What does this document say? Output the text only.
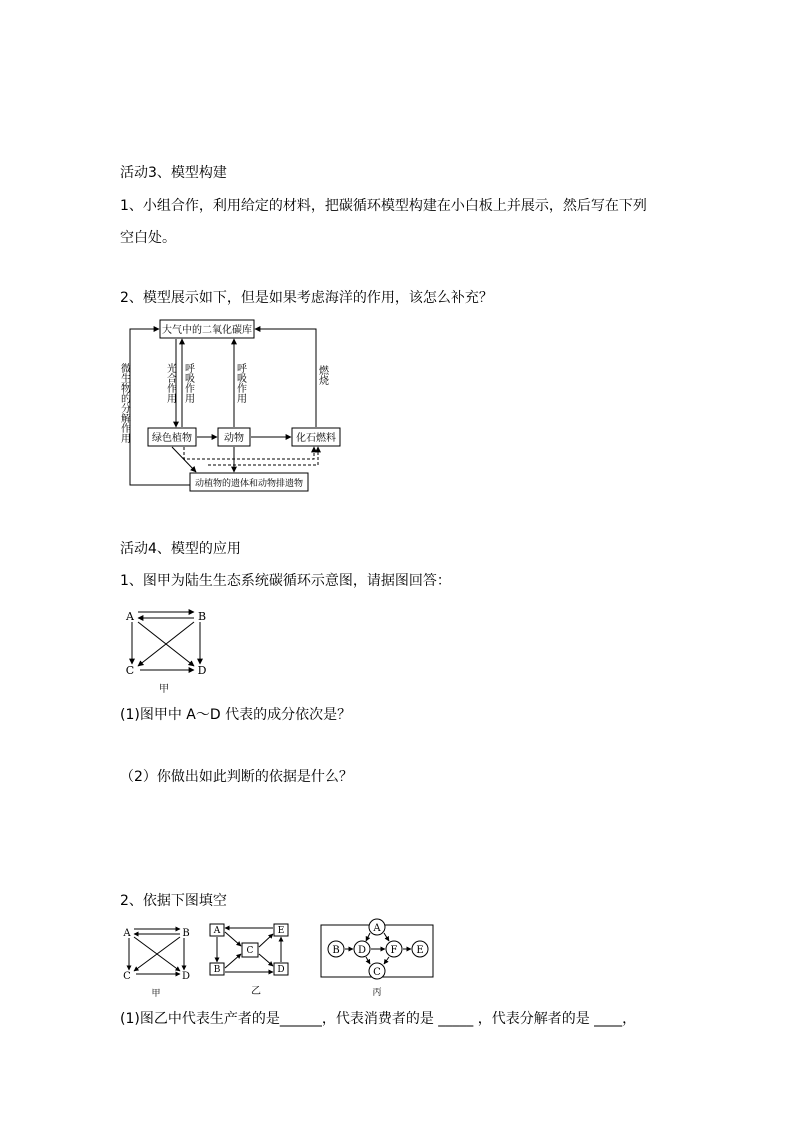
活动3、模型构建
1、小组合作，利用给定的材料，把碳循环模型构建在小白板上并展示，然后写在下列
空白处。
2、模型展示如下，但是如果考虑海洋的作用，该怎么补充？
大气中的二氧化碳库
绿色植物	动物	化石燃料
动植物的遗体和动物排遗物
微生物的分解作用	光合作用 呼吸作用	呼吸作用	燃烧
活动4、模型的应用
1、图甲为陆生生态系统碳循环示意图，请据图回答：
A	B
C	D
甲
(1)图甲中 A～D 代表的成分依次是？
（2）你做出如此判断的依据是什么？
2、依据下图填空
A	B
C	D
甲
A	E
C
B	D
乙
A
B D F E
C
丙
(1)图乙中代表生产者的是______，代表消费者的是 _____ ，代表分解者的是 ____，
